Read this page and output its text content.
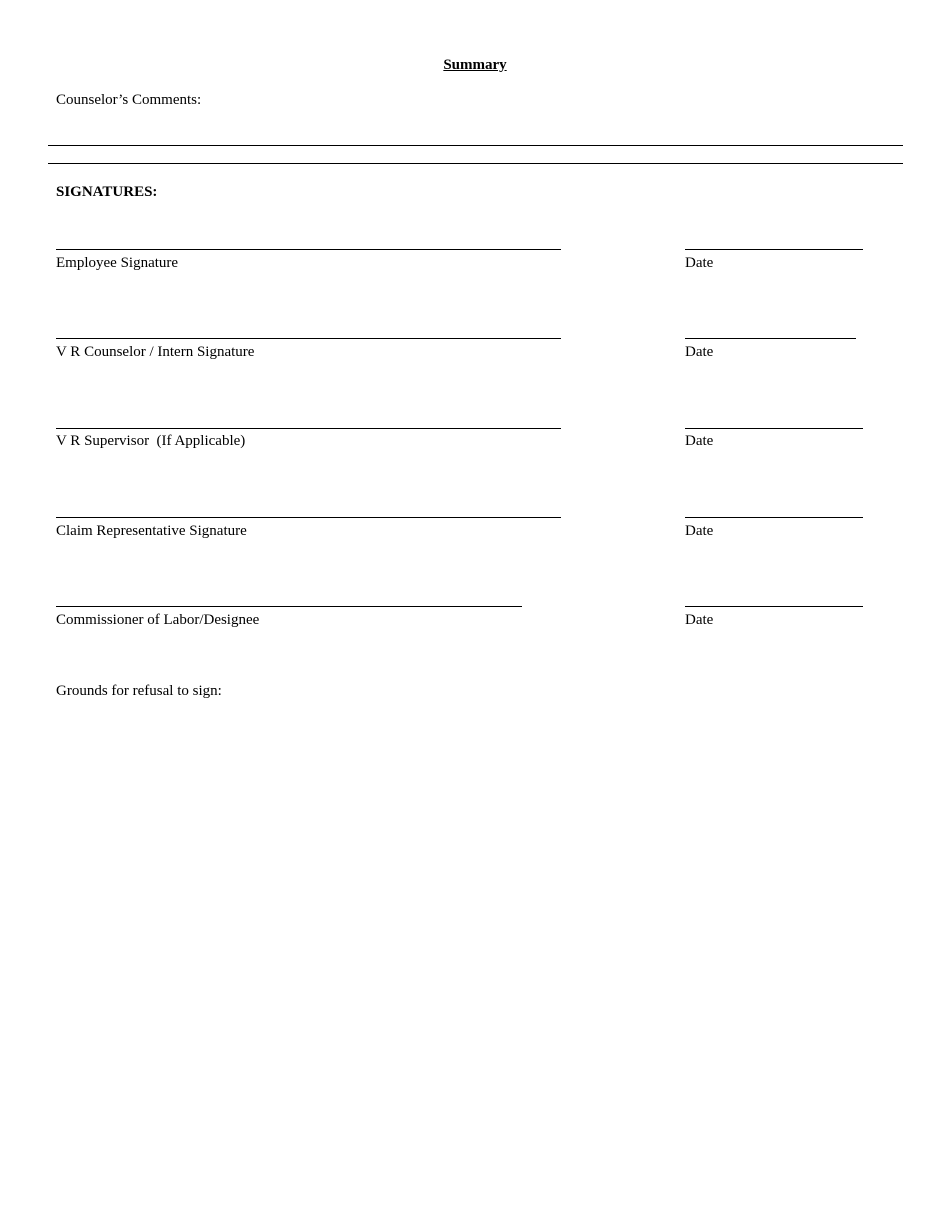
Summary
Counselor’s Comments:
SIGNATURES:
Employee Signature	Date
V R Counselor / Intern Signature	Date
V R Supervisor  (If Applicable)	Date
Claim Representative Signature	Date
Commissioner of Labor/Designee	Date
Grounds for refusal to sign:
